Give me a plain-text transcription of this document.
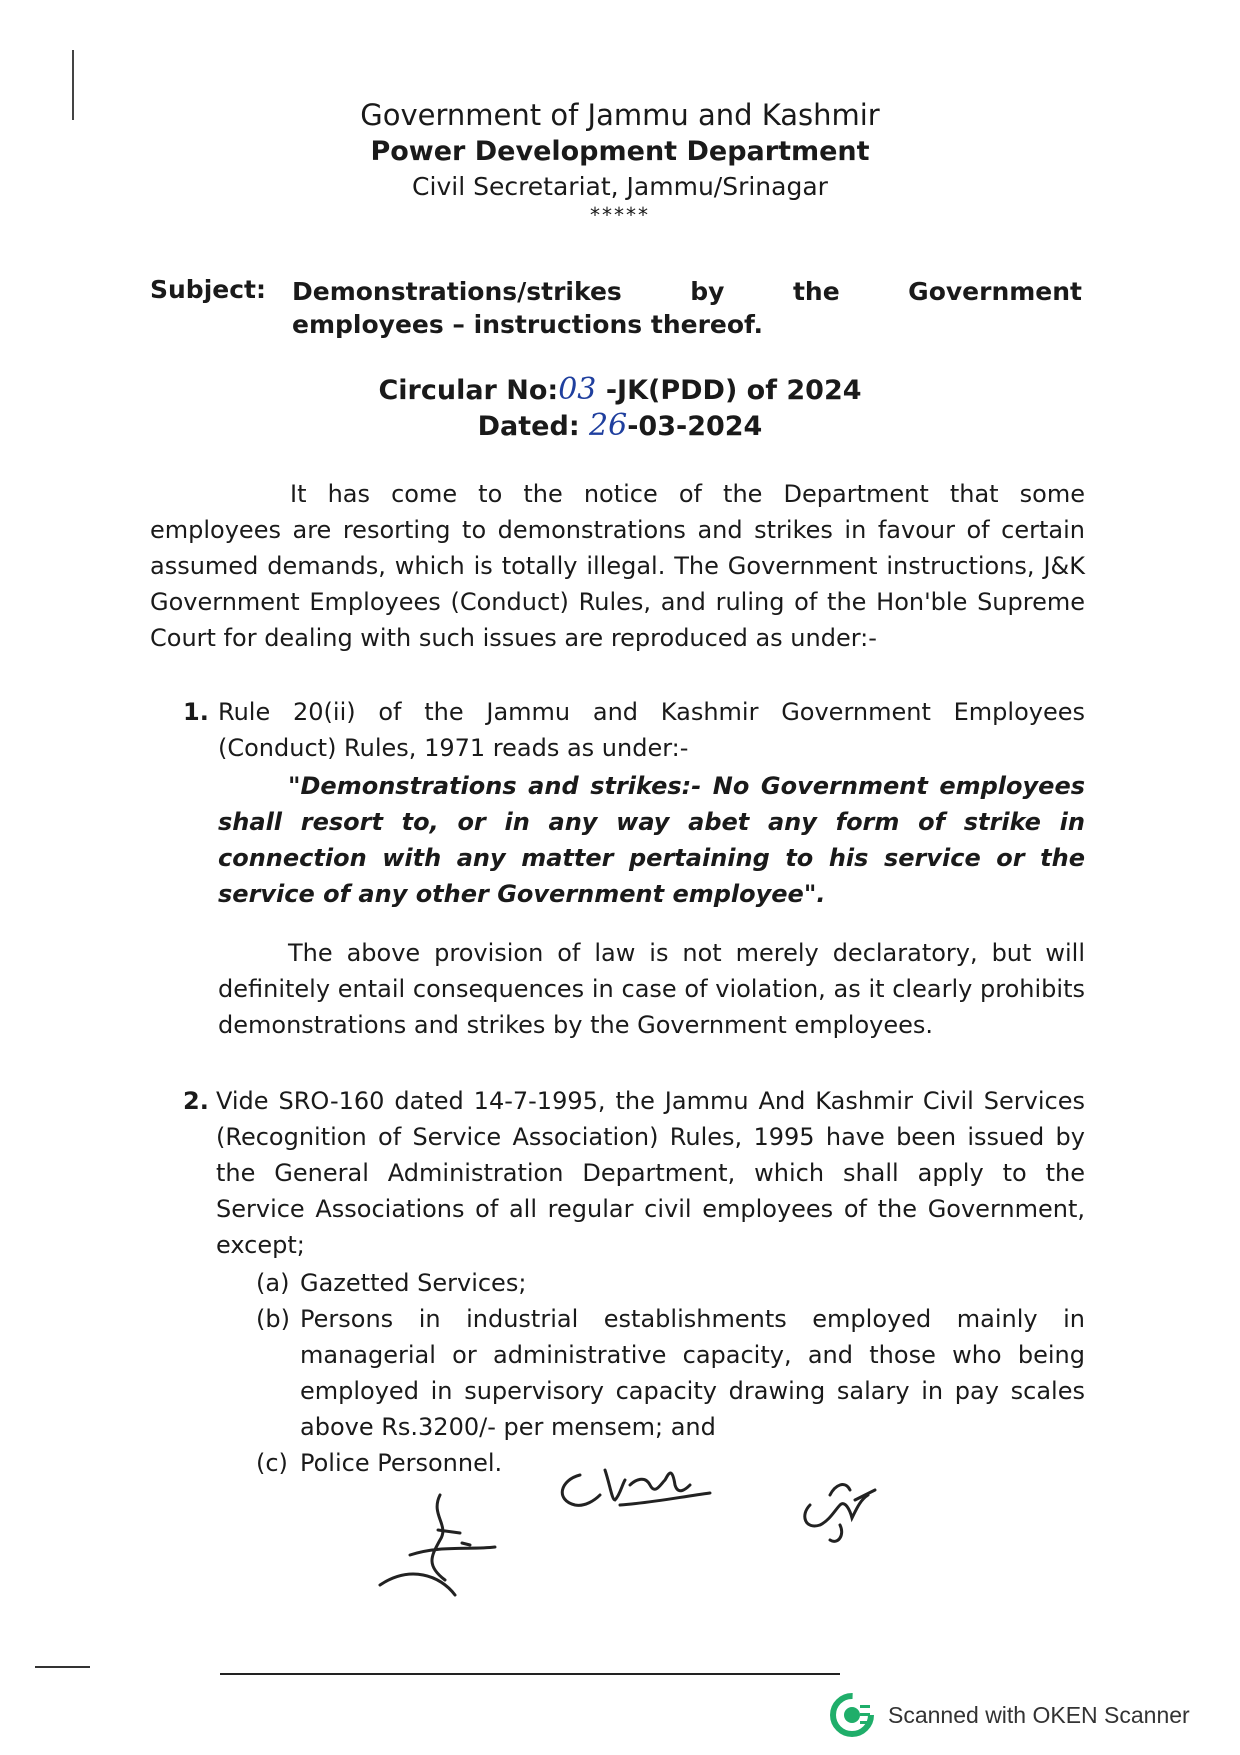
Government of Jammu and Kashmir
Power Development Department
Civil Secretariat, Jammu/Srinagar
*****
Subject: Demonstrations/strikes	by	the	Government
employees – instructions thereof.
Circular No:03 -JK(PDD) of 2024
Dated: 26-03-2024
It has come to the notice of the Department that some employees are resorting to demonstrations and strikes in favour of certain assumed demands, which is totally illegal. The Government instructions, J&K Government Employees (Conduct) Rules, and ruling of the Hon'ble Supreme Court for dealing with such issues are reproduced as under:-
1. Rule 20(ii) of the Jammu and Kashmir Government Employees (Conduct) Rules, 1971 reads as under:-
"Demonstrations and strikes:- No Government employees shall resort to, or in any way abet any form of strike in connection with any matter pertaining to his service or the service of any other Government employee".
The above provision of law is not merely declaratory, but will definitely entail consequences in case of violation, as it clearly prohibits demonstrations and strikes by the Government employees.
2. Vide SRO-160 dated 14-7-1995, the Jammu And Kashmir Civil Services (Recognition of Service Association) Rules, 1995 have been issued by the General Administration Department, which shall apply to the Service Associations of all regular civil employees of the Government, except;
(a) Gazetted Services;
(b) Persons in industrial establishments employed mainly in managerial or administrative capacity, and those who being employed in supervisory capacity drawing salary in pay scales above Rs.3200/- per mensem; and
(c) Police Personnel.
Scanned with OKEN Scanner
